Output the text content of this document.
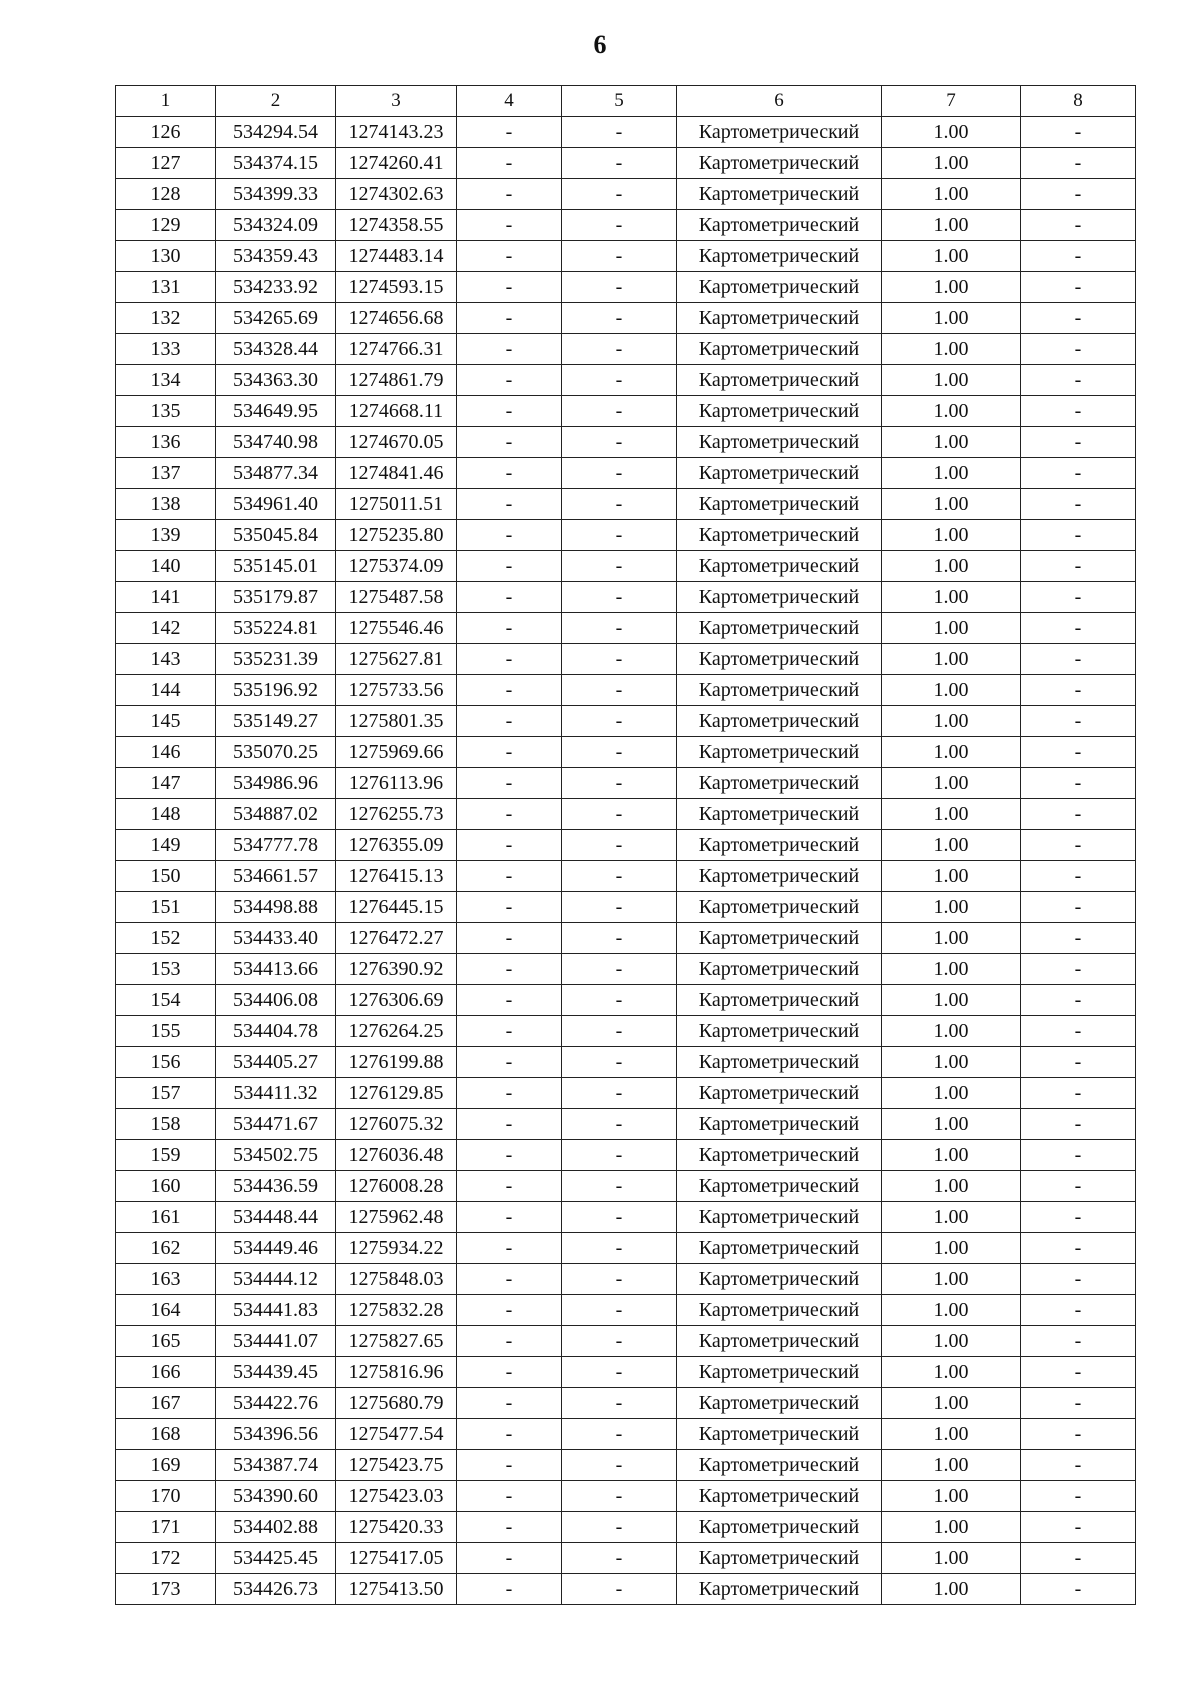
6
1	2	3	4	5	6	7	8
126	534294.54	1274143.23	-	-	Картометрический	1.00	-
127	534374.15	1274260.41	-	-	Картометрический	1.00	-
128	534399.33	1274302.63	-	-	Картометрический	1.00	-
129	534324.09	1274358.55	-	-	Картометрический	1.00	-
130	534359.43	1274483.14	-	-	Картометрический	1.00	-
131	534233.92	1274593.15	-	-	Картометрический	1.00	-
132	534265.69	1274656.68	-	-	Картометрический	1.00	-
133	534328.44	1274766.31	-	-	Картометрический	1.00	-
134	534363.30	1274861.79	-	-	Картометрический	1.00	-
135	534649.95	1274668.11	-	-	Картометрический	1.00	-
136	534740.98	1274670.05	-	-	Картометрический	1.00	-
137	534877.34	1274841.46	-	-	Картометрический	1.00	-
138	534961.40	1275011.51	-	-	Картометрический	1.00	-
139	535045.84	1275235.80	-	-	Картометрический	1.00	-
140	535145.01	1275374.09	-	-	Картометрический	1.00	-
141	535179.87	1275487.58	-	-	Картометрический	1.00	-
142	535224.81	1275546.46	-	-	Картометрический	1.00	-
143	535231.39	1275627.81	-	-	Картометрический	1.00	-
144	535196.92	1275733.56	-	-	Картометрический	1.00	-
145	535149.27	1275801.35	-	-	Картометрический	1.00	-
146	535070.25	1275969.66	-	-	Картометрический	1.00	-
147	534986.96	1276113.96	-	-	Картометрический	1.00	-
148	534887.02	1276255.73	-	-	Картометрический	1.00	-
149	534777.78	1276355.09	-	-	Картометрический	1.00	-
150	534661.57	1276415.13	-	-	Картометрический	1.00	-
151	534498.88	1276445.15	-	-	Картометрический	1.00	-
152	534433.40	1276472.27	-	-	Картометрический	1.00	-
153	534413.66	1276390.92	-	-	Картометрический	1.00	-
154	534406.08	1276306.69	-	-	Картометрический	1.00	-
155	534404.78	1276264.25	-	-	Картометрический	1.00	-
156	534405.27	1276199.88	-	-	Картометрический	1.00	-
157	534411.32	1276129.85	-	-	Картометрический	1.00	-
158	534471.67	1276075.32	-	-	Картометрический	1.00	-
159	534502.75	1276036.48	-	-	Картометрический	1.00	-
160	534436.59	1276008.28	-	-	Картометрический	1.00	-
161	534448.44	1275962.48	-	-	Картометрический	1.00	-
162	534449.46	1275934.22	-	-	Картометрический	1.00	-
163	534444.12	1275848.03	-	-	Картометрический	1.00	-
164	534441.83	1275832.28	-	-	Картометрический	1.00	-
165	534441.07	1275827.65	-	-	Картометрический	1.00	-
166	534439.45	1275816.96	-	-	Картометрический	1.00	-
167	534422.76	1275680.79	-	-	Картометрический	1.00	-
168	534396.56	1275477.54	-	-	Картометрический	1.00	-
169	534387.74	1275423.75	-	-	Картометрический	1.00	-
170	534390.60	1275423.03	-	-	Картометрический	1.00	-
171	534402.88	1275420.33	-	-	Картометрический	1.00	-
172	534425.45	1275417.05	-	-	Картометрический	1.00	-
173	534426.73	1275413.50	-	-	Картометрический	1.00	-
